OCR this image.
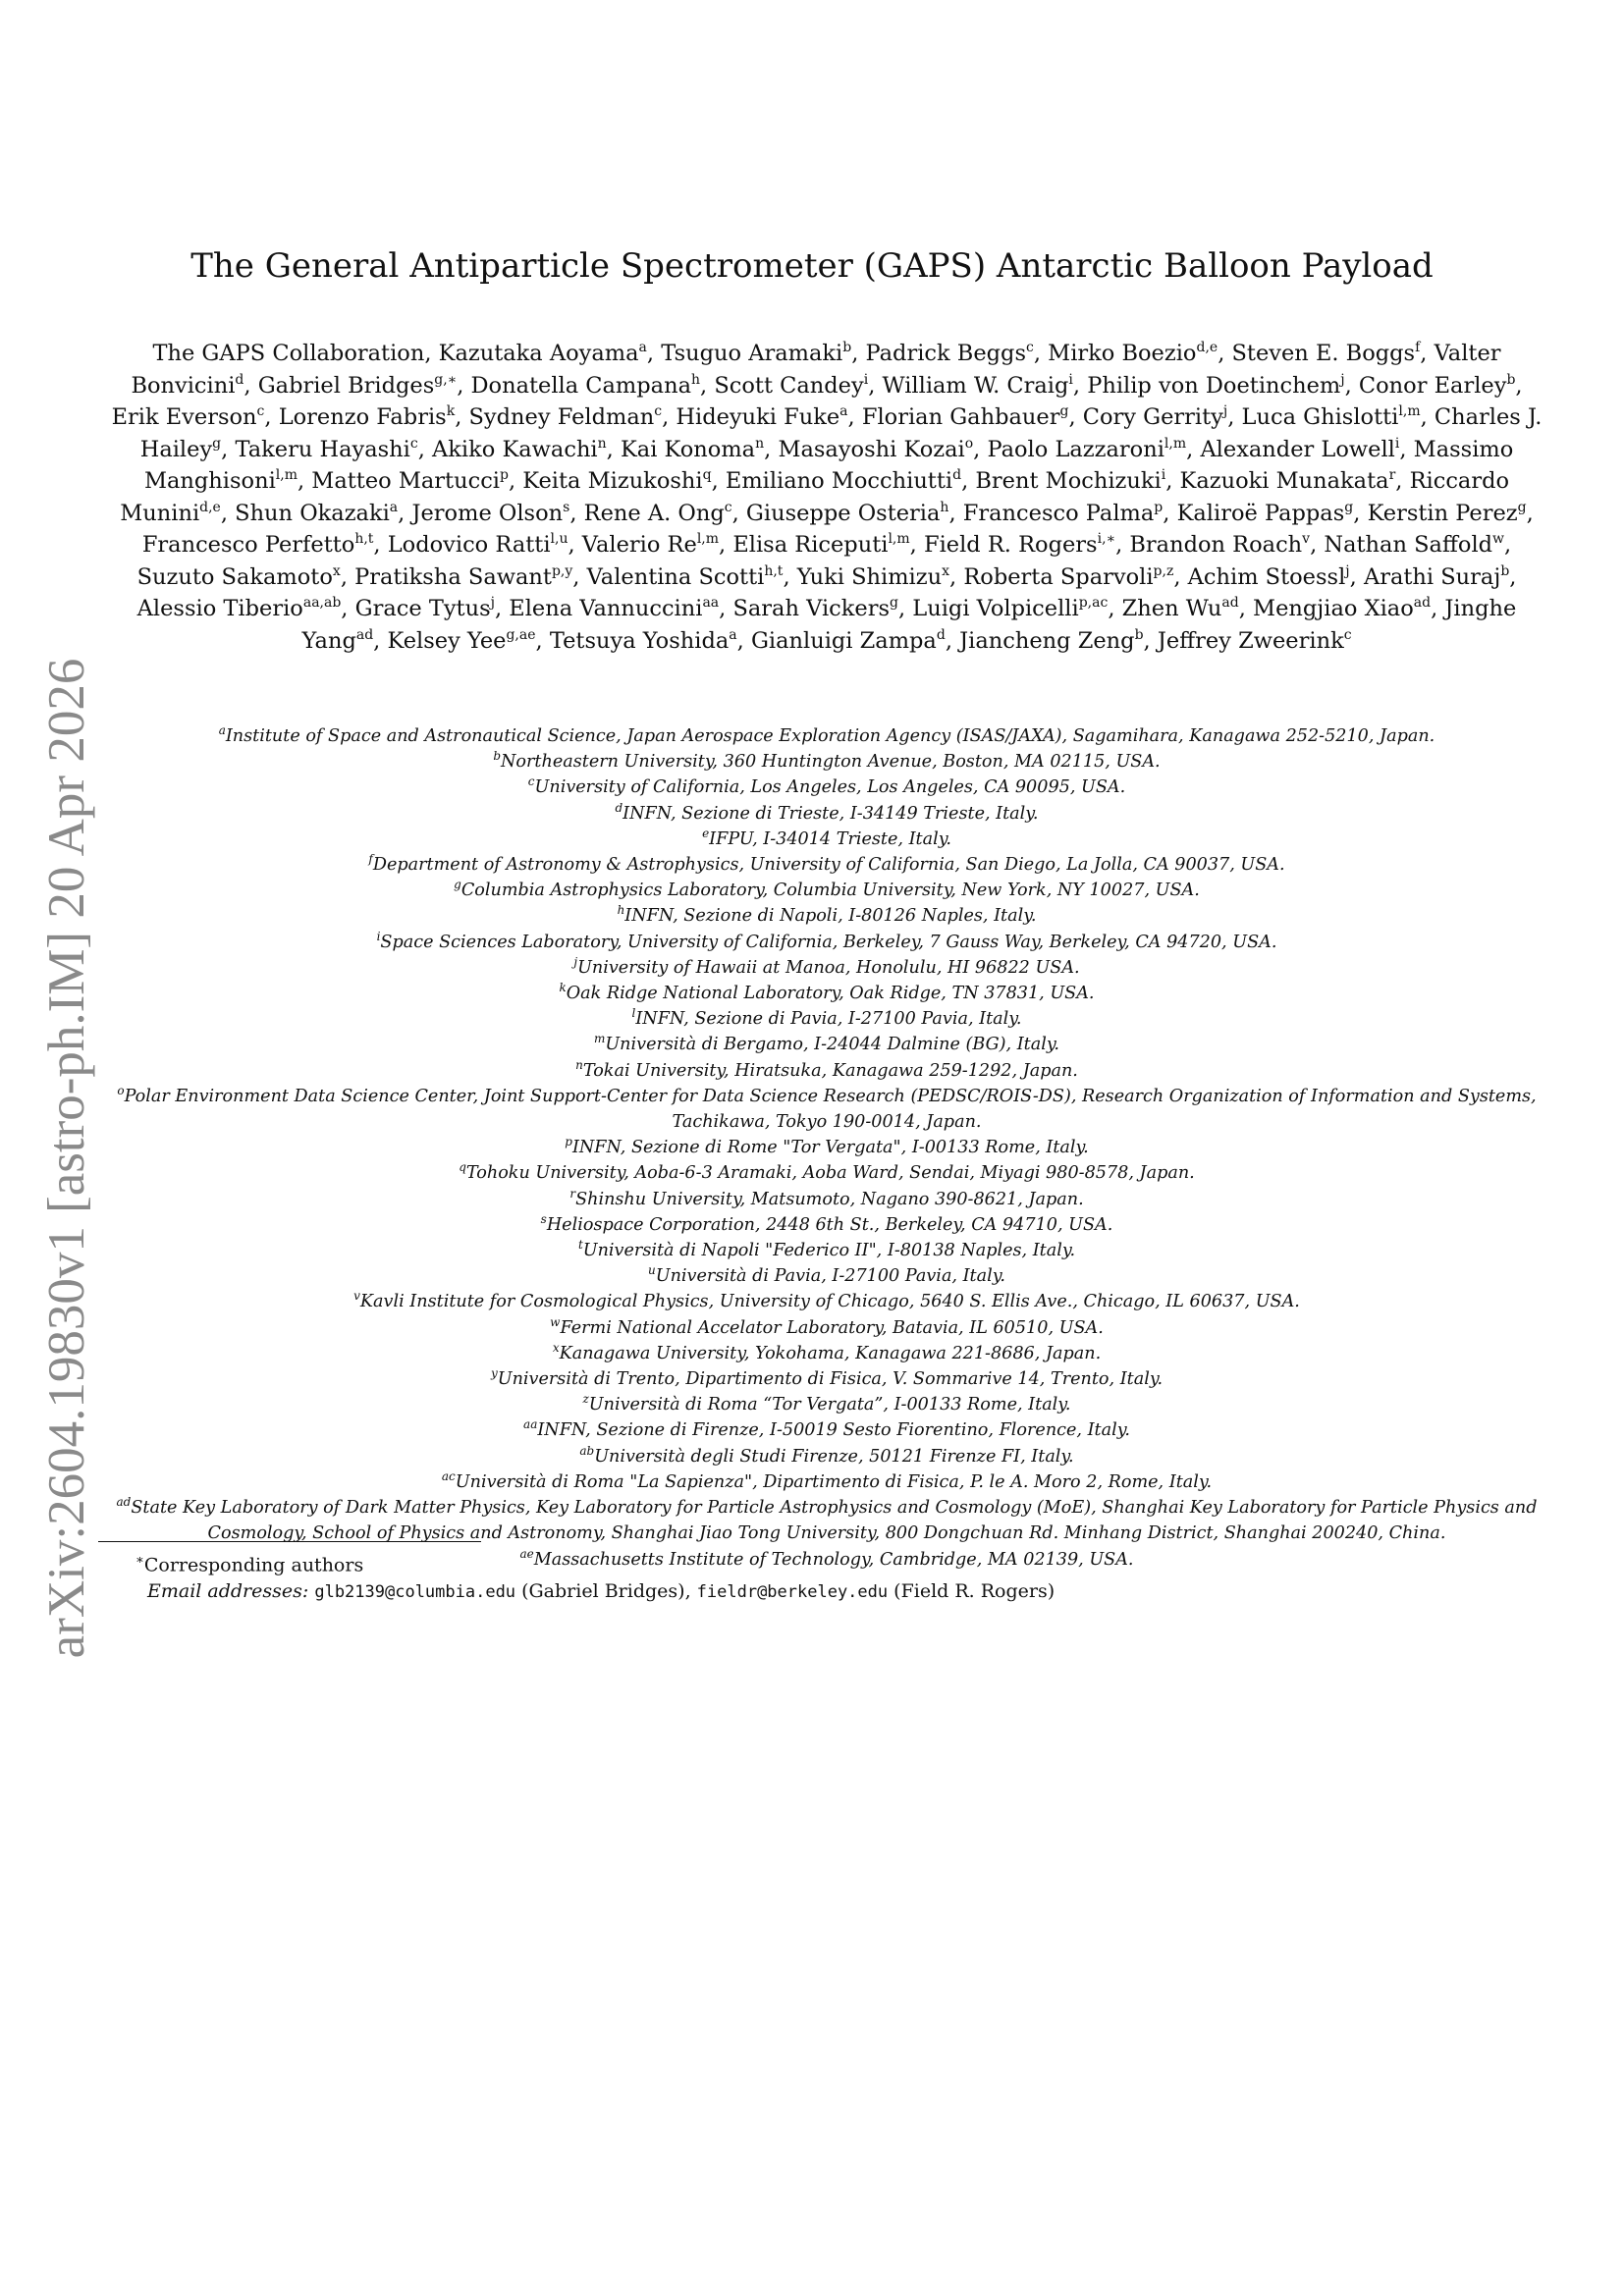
arXiv:2604.19830v1 [astro-ph.IM] 20 Apr 2026
The General Antiparticle Spectrometer (GAPS) Antarctic Balloon Payload
The GAPS Collaboration, Kazutaka Aoyama$^a$, Tsuguo Aramaki$^b$, Padrick Beggs$^c$, Mirko Boezio$^{d,e}$, Steven E. Boggs$^f$, Valter Bonvicini$^d$, Gabriel Bridges$^{g,∗}$, Donatella Campana$^h$, Scott Candey$^i$, William W. Craig$^i$, Philip von Doetinchem$^j$, Conor Earley$^b$, Erik Everson$^c$, Lorenzo Fabris$^k$, Sydney Feldman$^c$, Hideyuki Fuke$^a$, Florian Gahbauer$^g$, Cory Gerrity$^j$, Luca Ghislotti$^{l,m}$, Charles J. Hailey$^g$, Takeru Hayashi$^c$, Akiko Kawachi$^n$, Kai Konoma$^n$, Masayoshi Kozai$^o$, Paolo Lazzaroni$^{l,m}$, Alexander Lowell$^i$, Massimo Manghisoni$^{l,m}$, Matteo Martucci$^p$, Keita Mizukoshi$^q$, Emiliano Mocchiutti$^d$, Brent Mochizuki$^i$, Kazuoki Munakata$^r$, Riccardo Munini$^{d,e}$, Shun Okazaki$^a$, Jerome Olson$^s$, Rene A. Ong$^c$, Giuseppe Osteria$^h$, Francesco Palma$^p$, Kaliroë Pappas$^g$, Kerstin Perez$^g$, Francesco Perfetto$^{h,t}$, Lodovico Ratti$^{l,u}$, Valerio Re$^{l,m}$, Elisa Riceputi$^{l,m}$, Field R. Rogers$^{i,∗}$, Brandon Roach$^v$, Nathan Saffold$^w$, Suzuto Sakamoto$^x$, Pratiksha Sawant$^{p,y}$, Valentina Scotti$^{h,t}$, Yuki Shimizu$^x$, Roberta Sparvoli$^{p,z}$, Achim Stoessl$^j$, Arathi Suraj$^b$, Alessio Tiberio$^{aa,ab}$, Grace Tytus$^j$, Elena Vannuccini$^{aa}$, Sarah Vickers$^g$, Luigi Volpicelli$^{p,ac}$, Zhen $Wu^{ad}$, Mengjiao Xiao$^{ad}$, Jinghe Yang$^{ad}$, Kelsey Yee$^{g,ae}$, Tetsuya Yoshida$^a$, Gianluigi Zampa$^d$, Jiancheng Zeng$^b$, Jeffrey Zweerink$^c$
$^a$Institute of Space and Astronautical Science, Japan Aerospace Exploration Agency (ISAS/JAXA), Sagamihara, Kanagawa 252-5210, Japan.
$^b$Northeastern University, 360 Huntington Avenue, Boston, MA 02115, USA.
$^c$University of California, Los Angeles, Los Angeles, CA 90095, USA.
$^d$INFN, Sezione di Trieste, I-34149 Trieste, Italy.
$^e$IFPU, I-34014 Trieste, Italy.
$^f$Department of Astronomy & Astrophysics, University of California, San Diego, La Jolla, CA 90037, USA.
$^g$Columbia Astrophysics Laboratory, Columbia University, New York, NY 10027, USA.
$^h$INFN, Sezione di Napoli, I-80126 Naples, Italy.
$^i$Space Sciences Laboratory, University of California, Berkeley, 7 Gauss Way, Berkeley, CA 94720, USA.
$^j$University of Hawaii at Manoa, Honolulu, HI 96822 USA.
$^k$Oak Ridge National Laboratory, Oak Ridge, TN 37831, USA.
$^l$INFN, Sezione di Pavia, I-27100 Pavia, Italy.
$^m$Università di Bergamo, I-24044 Dalmine (BG), Italy.
$^n$Tokai University, Hiratsuka, Kanagawa 259-1292, Japan.
$^o$Polar Environment Data Science Center, Joint Support-Center for Data Science Research (PEDSC/ROIS-DS), Research Organization of Information and Systems, Tachikawa, Tokyo 190-0014, Japan.
$^p$INFN, Sezione di Rome "Tor Vergata", I-00133 Rome, Italy.
$^q$Tohoku University, Aoba-6-3 Aramaki, Aoba Ward, Sendai, Miyagi 980-8578, Japan.
$^r$Shinshu University, Matsumoto, Nagano 390-8621, Japan.
$^s$Heliospace Corporation, 2448 6th St., Berkeley, CA 94710, USA.
$^t$Università di Napoli "Federico II", I-80138 Naples, Italy.
$^u$Università di Pavia, I-27100 Pavia, Italy.
$^v$Kavli Institute for Cosmological Physics, University of Chicago, 5640 S. Ellis Ave., Chicago, IL 60637, USA.
$^w$Fermi National Accelator Laboratory, Batavia, IL 60510, USA.
$^x$Kanagawa University, Yokohama, Kanagawa 221-8686, Japan.
$^y$Università di Trento, Dipartimento di Fisica, V. Sommarive 14, Trento, Italy.
$^z$Università di Roma “Tor Vergata”, I-00133 Rome, Italy.
$^{aa}$INFN, Sezione di Firenze, I-50019 Sesto Fiorentino, Florence, Italy.
$^{ab}$Università degli Studi Firenze, 50121 Firenze FI, Italy.
$^{ac}$Università di Roma "La Sapienza", Dipartimento di Fisica, P. le A. Moro 2, Rome, Italy.
$^{ad}$State Key Laboratory of Dark Matter Physics, Key Laboratory for Particle Astrophysics and Cosmology (MoE), Shanghai Key Laboratory for Particle Physics and Cosmology, School of Physics and Astronomy, Shanghai Jiao Tong University, 800 Dongchuan Rd. Minhang District, Shanghai 200240, China.
$^{ae}$Massachusetts Institute of Technology, Cambridge, MA 02139, USA.
∗Corresponding authors
Email addresses: glb2139@columbia.edu (Gabriel Bridges), fieldr@berkeley.edu (Field R. Rogers)
